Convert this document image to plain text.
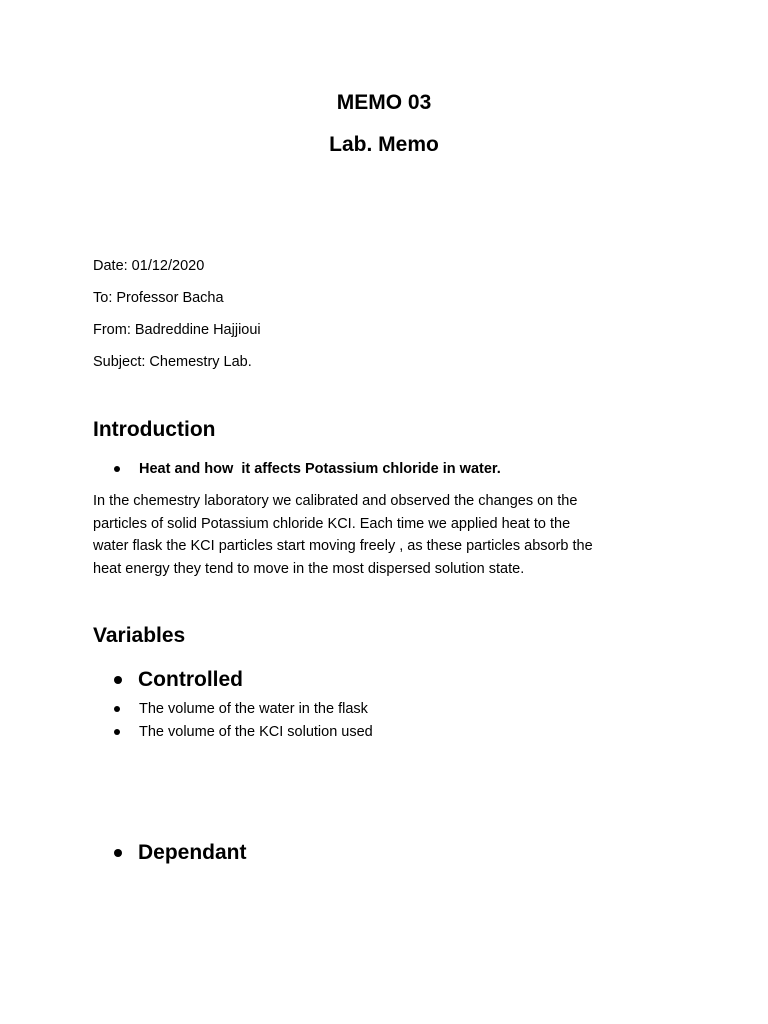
MEMO 03
Lab. Memo
Date: 01/12/2020
To: Professor Bacha
From: Badreddine Hajjioui
Subject: Chemestry Lab.
Introduction
Heat and how  it affects Potassium chloride in water.
In the chemestry laboratory we calibrated and observed the changes on the
particles of solid Potassium chloride KCI. Each time we applied heat to the
water flask the KCI particles start moving freely , as these particles absorb the
heat energy they tend to move in the most dispersed solution state.
Variables
Controlled
The volume of the water in the flask
The volume of the KCI solution used
Dependant
